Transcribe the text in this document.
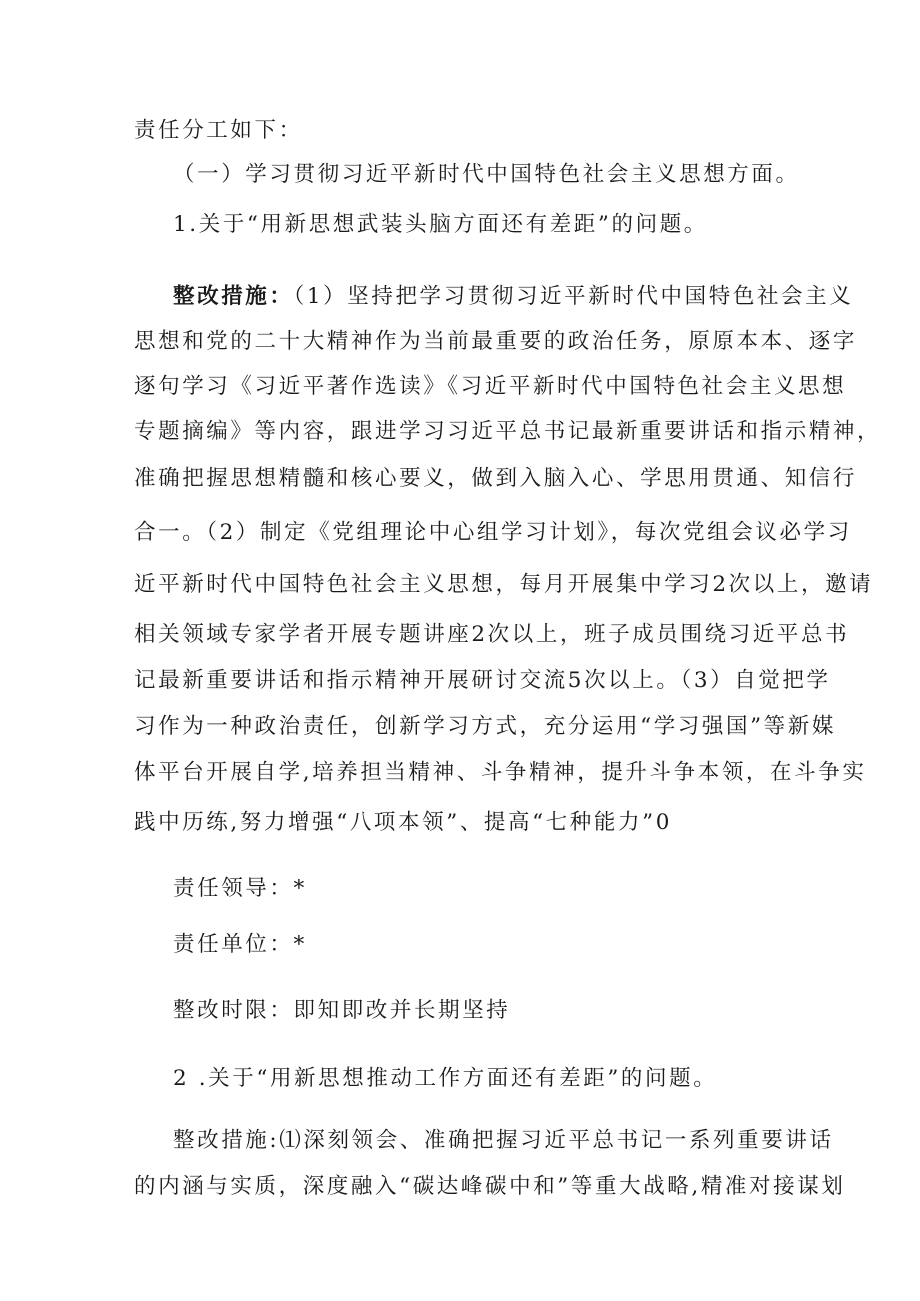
责任分工如下：
（一）学习贯彻习近平新时代中国特色社会主义思想方面。
1.关于“用新思想武装头脑方面还有差距”的问题。
整改措施：（1）坚持把学习贯彻习近平新时代中国特色社会主义
思想和党的二十大精神作为当前最重要的政治任务，原原本本、逐字
逐句学习《习近平著作选读》《习近平新时代中国特色社会主义思想
专题摘编》等内容，跟进学习习近平总书记最新重要讲话和指示精神，
准确把握思想精髓和核心要义，做到入脑入心、学思用贯通、知信行
合一。（2）制定《党组理论中心组学习计划》，每次党组会议必学习
近平新时代中国特色社会主义思想，每月开展集中学习2次以上，邀请
相关领域专家学者开展专题讲座2次以上，班子成员围绕习近平总书
记最新重要讲话和指示精神开展研讨交流5次以上。（3）自觉把学
习作为一种政治责任，创新学习方式，充分运用“学习强国”等新媒
体平台开展自学,培养担当精神、斗争精神，提升斗争本领，在斗争实
践中历练,努力增强“八项本领”、提高“七种能力”0
责任领导：*
责任单位：*
整改时限：即知即改并长期坚持
2 .关于“用新思想推动工作方面还有差距”的问题。
整改措施:⑴深刻领会、准确把握习近平总书记一系列重要讲话
的内涵与实质，深度融入“碳达峰碳中和”等重大战略,精准对接谋划
